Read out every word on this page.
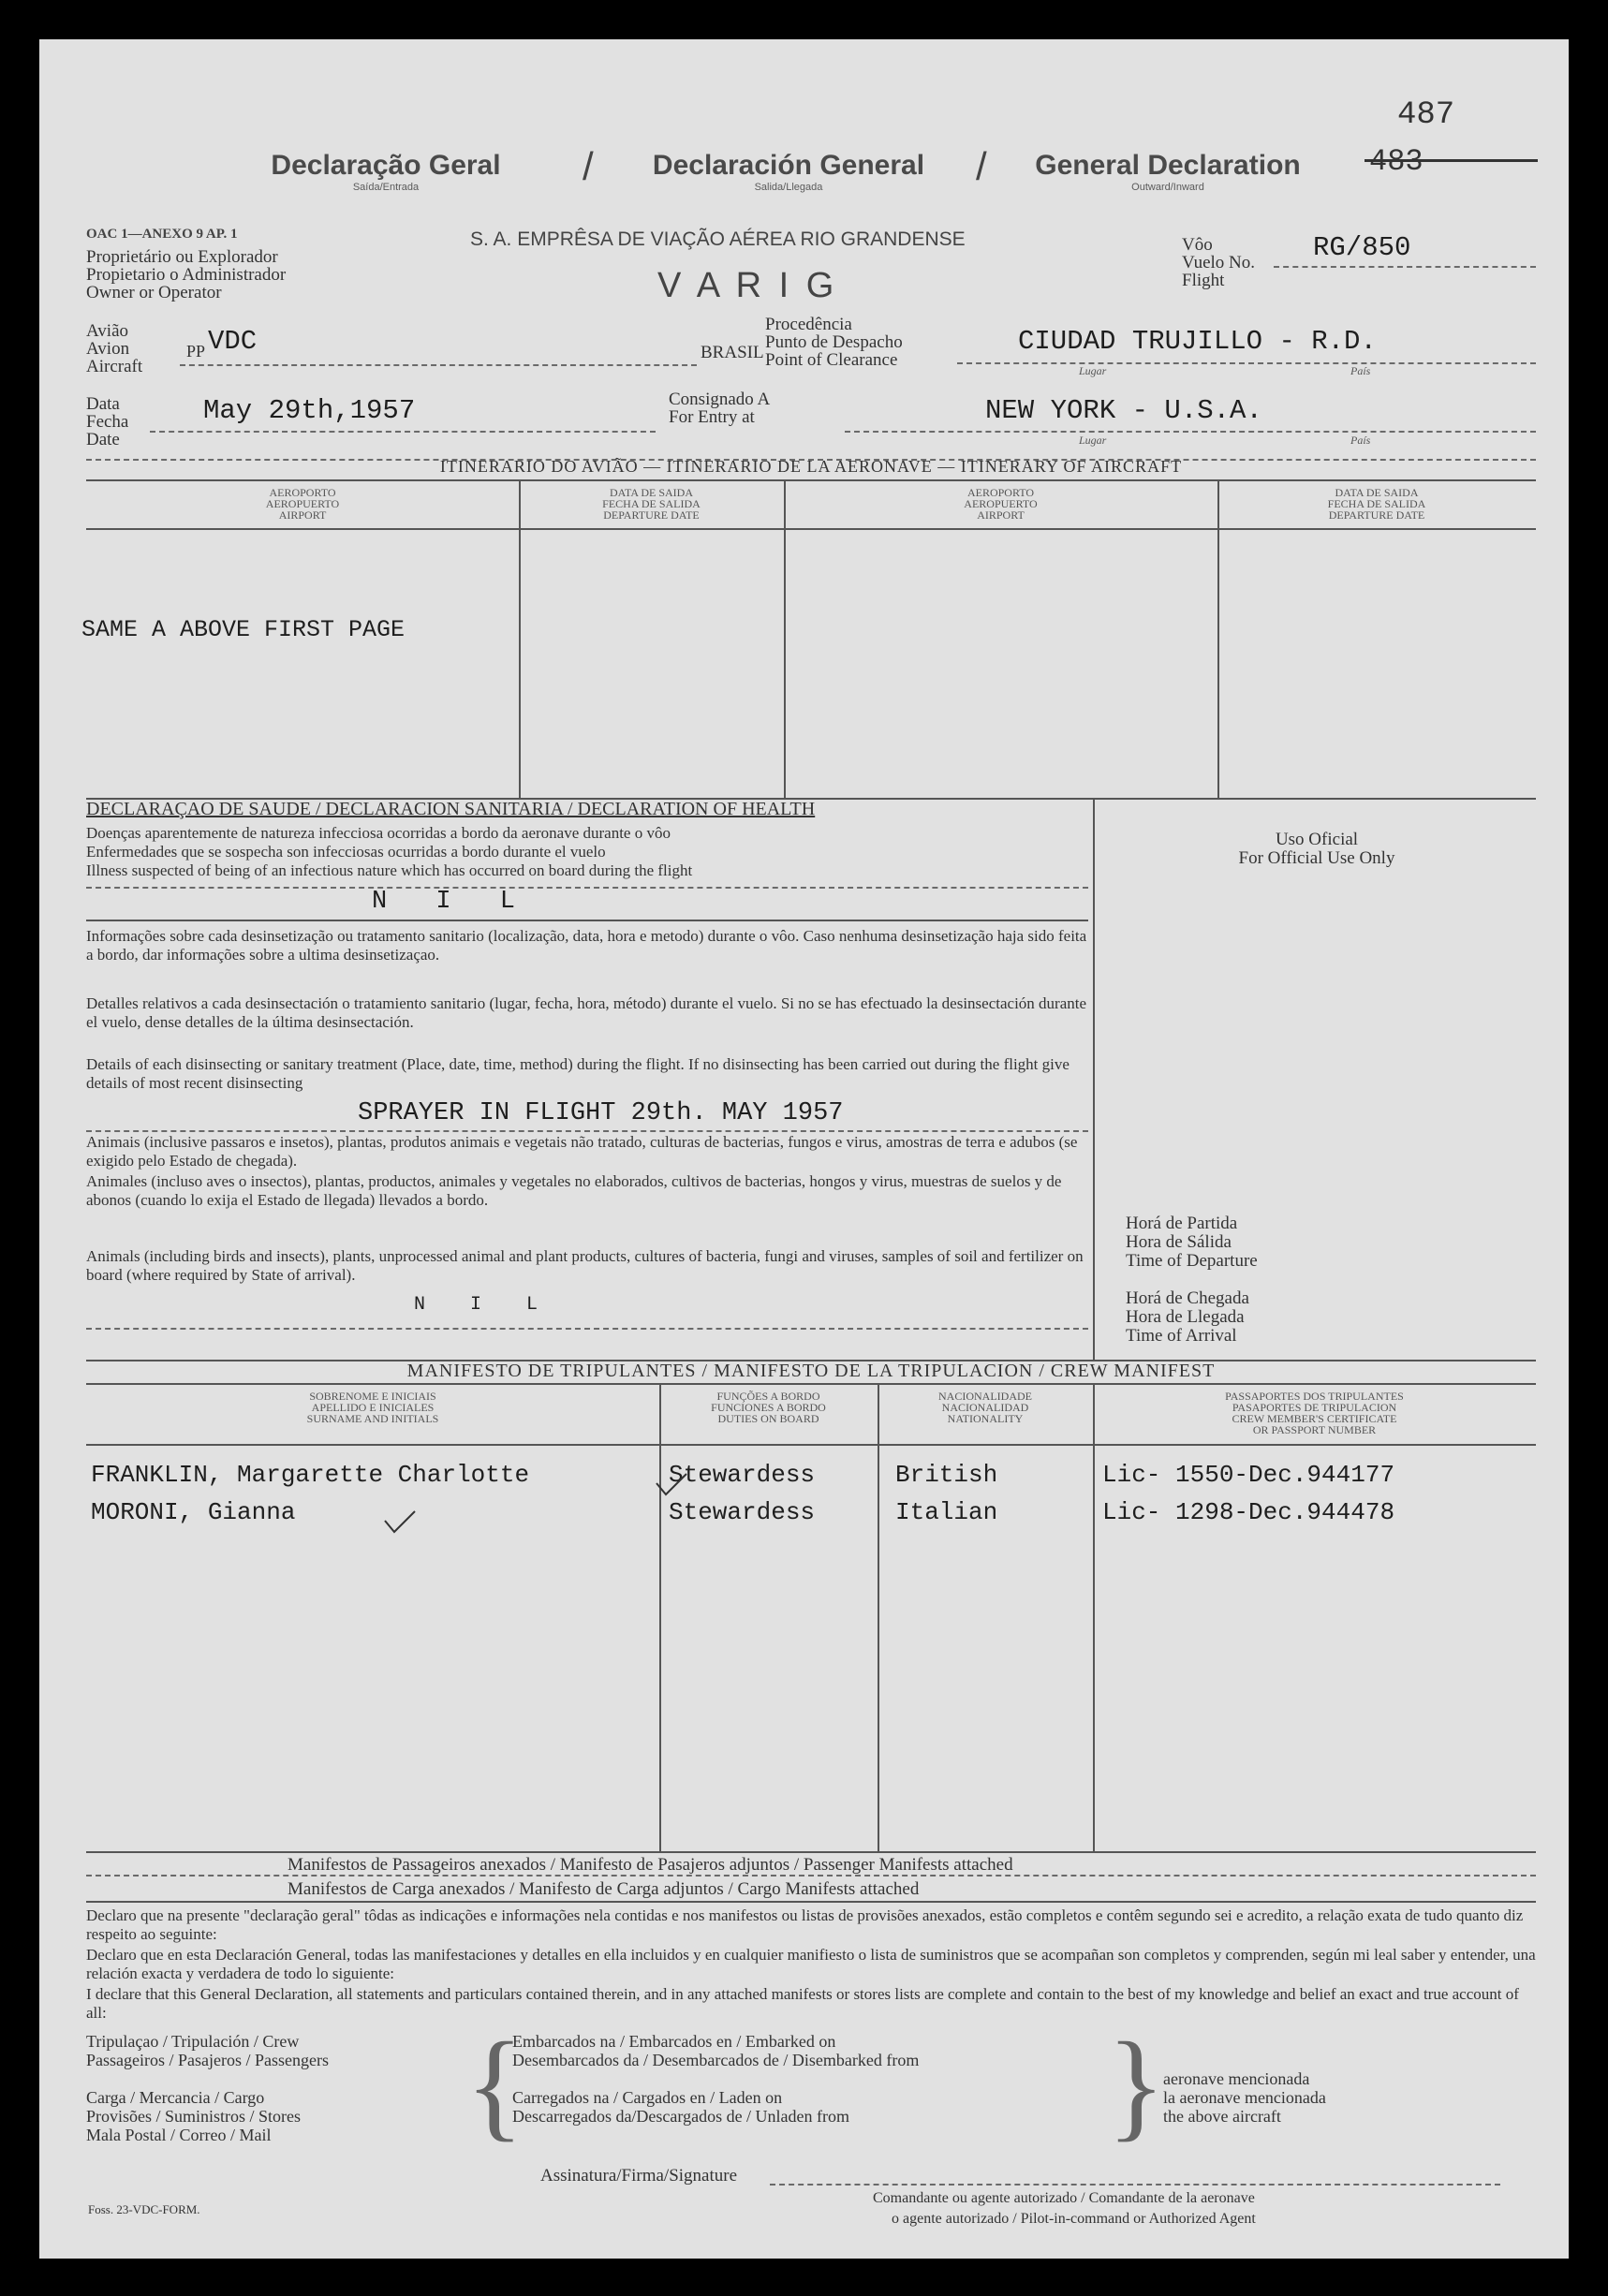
487
483
Declaração Geral
Saída/Entrada	/	Declaración General
Salida/Llegada	/	General Declaration
Outward/Inward
OAC 1—ANEXO 9 AP. 1	S. A. EMPRÊSA DE VIAÇÃO AÉREA RIO GRANDENSE
V A R I G
Proprietário ou Explorador
Propietario o Administrador
Owner or Operator
Vôo
Vuelo No.
Flight
RG/850
Avião
Avion
Aircraft
PP VDC	BRASIL
Procedência
Punto de Despacho
Point of Clearance
CIUDAD TRUJILLO - R.D.
Lugar	País
Data
Fecha
Date
May 29th,1957	Consignado A
For Entry at	NEW YORK - U.S.A.
Lugar	País
ITINERARIO DO AVIÃO — ITINERARIO DE LA AERONAVE — ITINERARY OF AIRCRAFT
AEROPORTO
AEROPUERTO
AIRPORT
DATA DE SAIDA
FECHA DE SALIDA
DEPARTURE DATE
AEROPORTO
AEROPUERTO
AIRPORT
DATA DE SAIDA
FECHA DE SALIDA
DEPARTURE DATE
SAME A ABOVE FIRST PAGE
DECLARAÇAO DE SAUDE / DECLARACION SANITARIA / DECLARATION OF HEALTH
Doenças aparentemente de natureza infecciosa ocorridas a bordo da aeronave durante o vôo
Enfermedades que se sospecha son infecciosas ocurridas a bordo durante el vuelo
Illness suspected of being of an infectious nature which has occurred on board during the flight
N I L
Informações sobre cada desinsetização ou tratamento sanitario (localização, data, hora e metodo) durante o vôo. Caso nenhuma desinsetização haja sido feita a bordo, dar informações sobre a ultima desinsetizaçao.
Detalles relativos a cada desinsectación o tratamiento sanitario (lugar, fecha, hora, método) durante el vuelo. Si no se has efectuado la desinsectación durante el vuelo, dense detalles de la última desinsectación.
Details of each disinsecting or sanitary treatment (Place, date, time, method) during the flight. If no disinsecting has been carried out during the flight give details of most recent disinsecting
SPRAYER IN FLIGHT 29th. MAY 1957
Animais (inclusive passaros e insetos), plantas, produtos animais e vegetais não tratado, culturas de bacterias, fungos e virus, amostras de terra e adubos (se exigido pelo Estado de chegada).
Animales (incluso aves o insectos), plantas, productos, animales y vegetales no elaborados, cultivos de bacterias, hongos y virus, muestras de suelos y de abonos (cuando lo exija el Estado de llegada) llevados a bordo.
Animals (including birds and insects), plants, unprocessed animal and plant products, cultures of bacteria, fungi and viruses, samples of soil and fertilizer on board (where required by State of arrival).
N I L
Uso Oficial
For Official Use Only
Horá de Partida
Hora de Sálida
Time of Departure
Horá de Chegada
Hora de Llegada
Time of Arrival
MANIFESTO DE TRIPULANTES / MANIFESTO DE LA TRIPULACION / CREW MANIFEST
SOBRENOME E INICIAIS
APELLIDO E INICIALES
SURNAME AND INITIALS
FUNÇÕES A BORDO
FUNCIONES A BORDO
DUTIES ON BOARD
NACIONALIDADE
NACIONALIDAD
NATIONALITY
PASSAPORTES DOS TRIPULANTES
PASAPORTES DE TRIPULACION
CREW MEMBER'S CERTIFICATE
OR PASSPORT NUMBER
FRANKLIN, Margarette Charlotte	Stewardess	British	Lic- 1550-Dec.944177
MORONI, Gianna	Stewardess	Italian	Lic- 1298-Dec.944478
Manifestos de Passageiros anexados / Manifesto de Pasajeros adjuntos / Passenger Manifests attached
Manifestos de Carga anexados / Manifesto de Carga adjuntos / Cargo Manifests attached
Declaro que na presente "declaração geral" tôdas as indicações e informações nela contidas e nos manifestos ou listas de provisões anexados, estão completos e contêm segundo sei e acredito, a relação exata de tudo quanto diz respeito ao seguinte:
Declaro que en esta Declaración General, todas las manifestaciones y detalles en ella incluidos y en cualquier manifiesto o lista de suministros que se acompañan son completos y comprenden, según mi leal saber y entender, una relación exacta y verdadera de todo lo siguiente:
I declare that this General Declaration, all statements and particulars contained therein, and in any attached manifests or stores lists are complete and contain to the best of my knowledge and belief an exact and true account of all:
Tripulaçao / Tripulación / Crew
Passageiros / Pasajeros / Passengers

Carga / Mercancia / Cargo
Provisões / Suministros / Stores
Mala Postal / Correo / Mail	{
Embarcados na / Embarcados en / Embarked on
Desembarcados da / Desembarcados de / Disembarked from

Carregados na / Cargados en / Laden on
Descarregados da/Descargados de / Unladen from	}
aeronave mencionada
la aeronave mencionada
the above aircraft
Assinatura/Firma/Signature
Comandante ou agente autorizado / Comandante de la aeronave
o agente autorizado / Pilot-in-command or Authorized Agent
Foss. 23-VDC-FORM.
